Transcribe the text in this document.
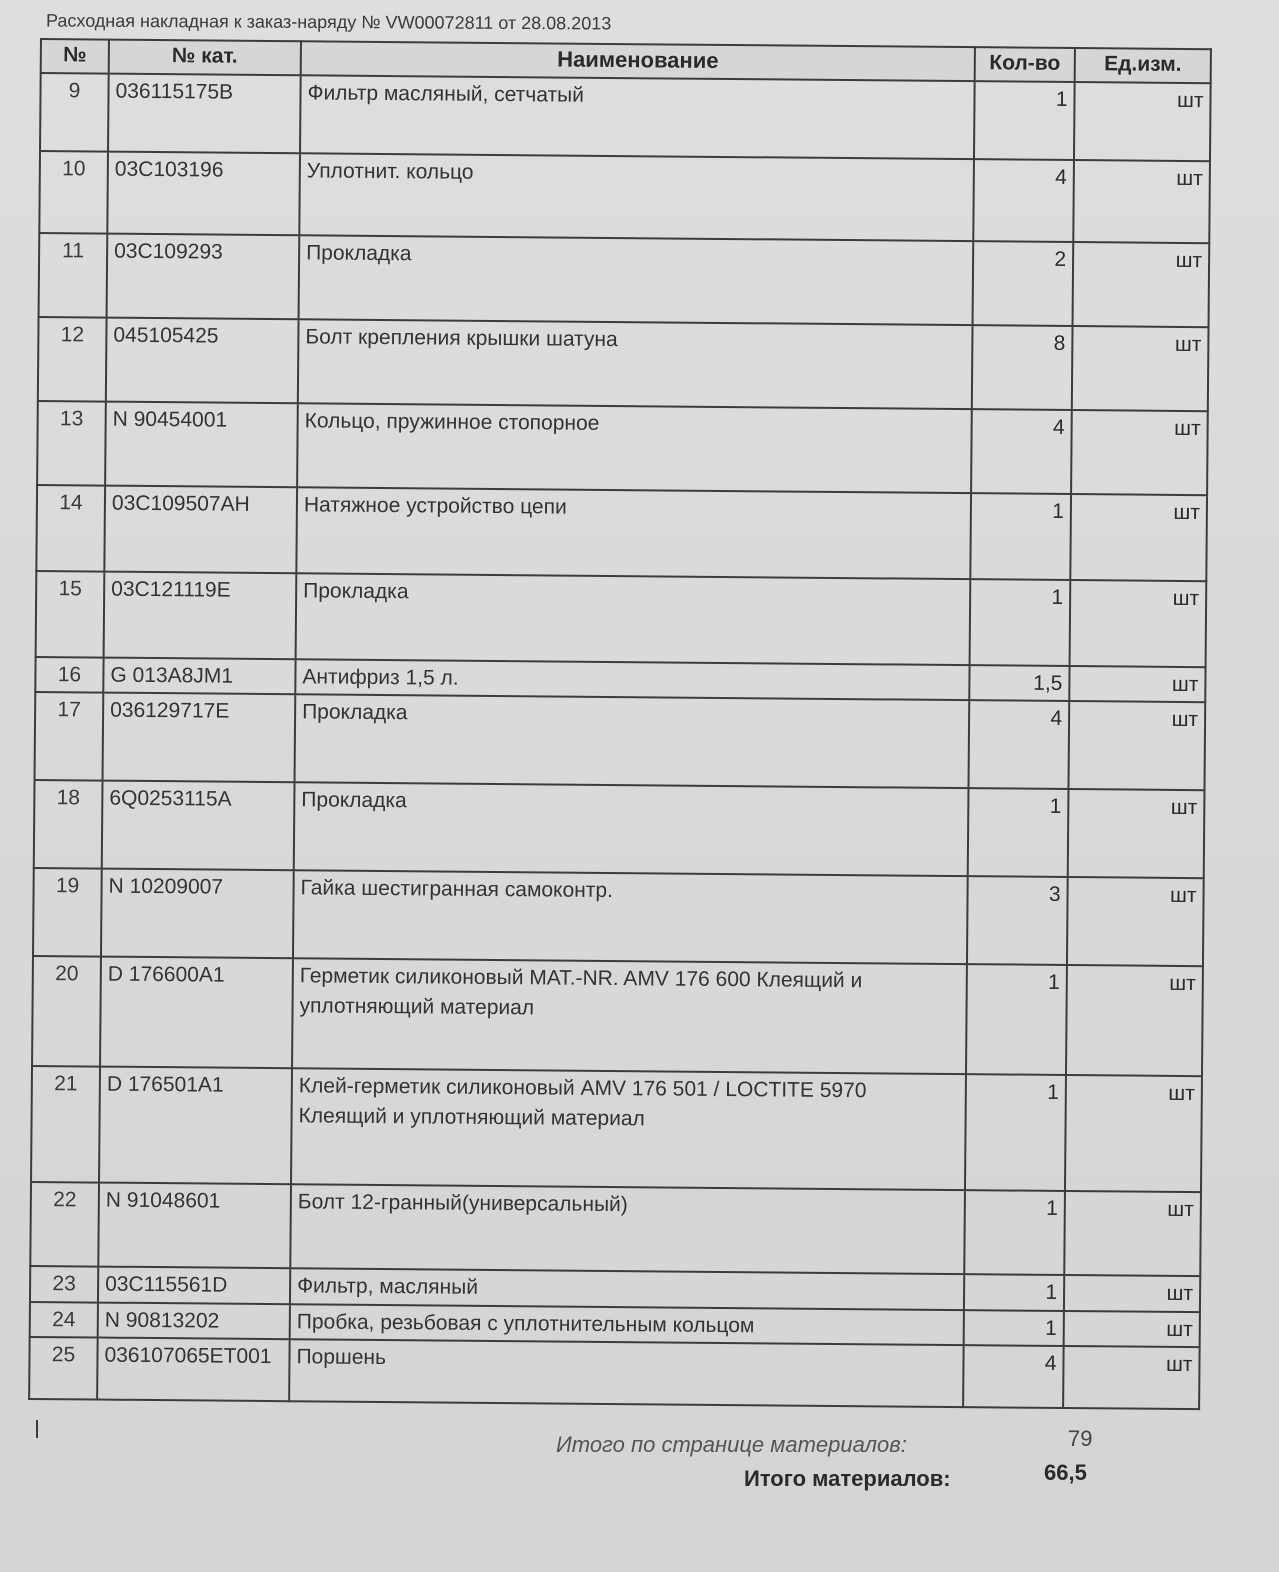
Расходная накладная к заказ-наряду № VW00072811 от 28.08.2013
№	№ кат.	Наименование	Кол-во	Ед.изм.
9	036115175B	Фильтр масляный, сетчатый	1	шт
10	03C103196	Уплотнит. кольцо	4	шт
11	03C109293	Прокладка	2	шт
12	045105425	Болт крепления крышки шатуна	8	шт
13	N 90454001	Кольцо, пружинное стопорное	4	шт
14	03C109507AH	Натяжное устройство цепи	1	шт
15	03C121119E	Прокладка	1	шт
16	G 013A8JM1	Антифриз 1,5 л.	1,5	шт
17	036129717E	Прокладка	4	шт
18	6Q0253115A	Прокладка	1	шт
19	N 10209007	Гайка шестигранная самоконтр.	3	шт
20	D 176600A1	Герметик силиконовый МАТ.-NR. AMV 176 600 Клеящий и уплотняющий материал	1	шт
21	D 176501A1	Клей-герметик силиконовый AMV 176 501 / LOCTITE 5970 Клеящий и уплотняющий материал	1	шт
22	N 91048601	Болт 12-гранный(универсальный)	1	шт
23	03C115561D	Фильтр, масляный	1	шт
24	N 90813202	Пробка, резьбовая с уплотнительным кольцом	1	шт
25	036107065ET001	Поршень	4	шт
Итого по странице материалов:	79
Итого материалов:	66,5
